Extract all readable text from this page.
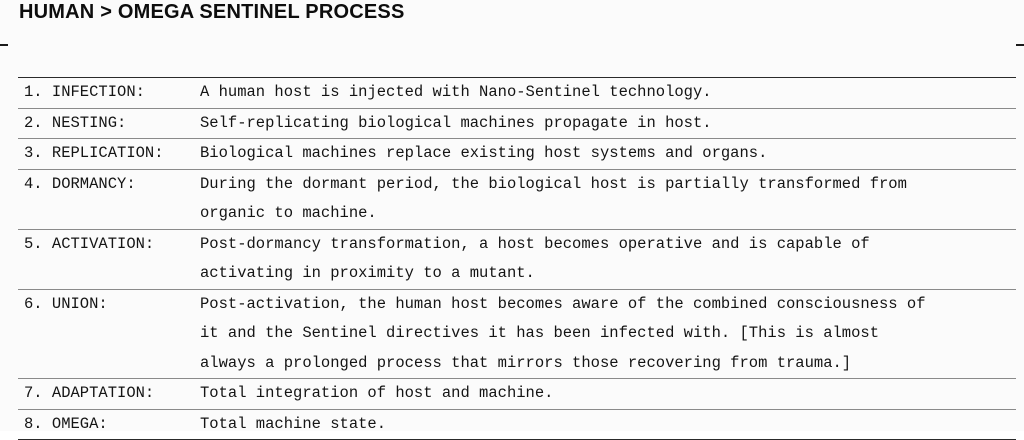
HUMAN > OMEGA SENTINEL PROCESS
1. INFECTION:	A human host is injected with Nano-Sentinel technology.
2. NESTING:	Self-replicating biological machines propagate in host.
3. REPLICATION:	Biological machines replace existing host systems and organs.
4. DORMANCY:	During the dormant period, the biological host is partially transformed from
organic to machine.
5. ACTIVATION:	Post-dormancy transformation, a host becomes operative and is capable of
activating in proximity to a mutant.
6. UNION:	Post-activation, the human host becomes aware of the combined consciousness of
it and the Sentinel directives it has been infected with. [This is almost
always a prolonged process that mirrors those recovering from trauma.]
7. ADAPTATION:	Total integration of host and machine.
8. OMEGA:	Total machine state.
